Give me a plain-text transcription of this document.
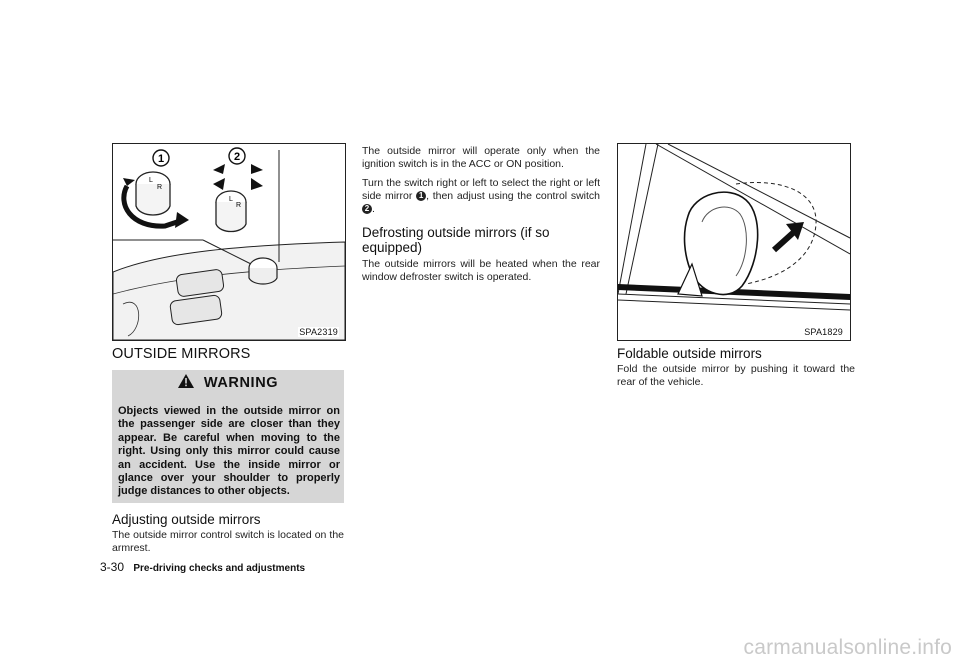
L
R
1
L
R
2
SPA2319
OUTSIDE MIRRORS
WARNING
Objects viewed in the outside mirror on the passenger side are closer than they appear. Be careful when moving to the right. Using only this mirror could cause an accident. Use the inside mirror or glance over your shoulder to properly judge distances to other objects.
Adjusting outside mirrors
The outside mirror control switch is located on the armrest.
The outside mirror will operate only when the ignition switch is in the ACC or ON position.
Turn the switch right or left to select the right or left side mirror 1 , then adjust using the control switch 2 .
Defrosting outside mirrors (if so equipped)
The outside mirrors will be heated when the rear window defroster switch is operated.
SPA1829
Foldable outside mirrors
Fold the outside mirror by pushing it toward the rear of the vehicle.
3-30 Pre-driving checks and adjustments
carmanualsonline.info
